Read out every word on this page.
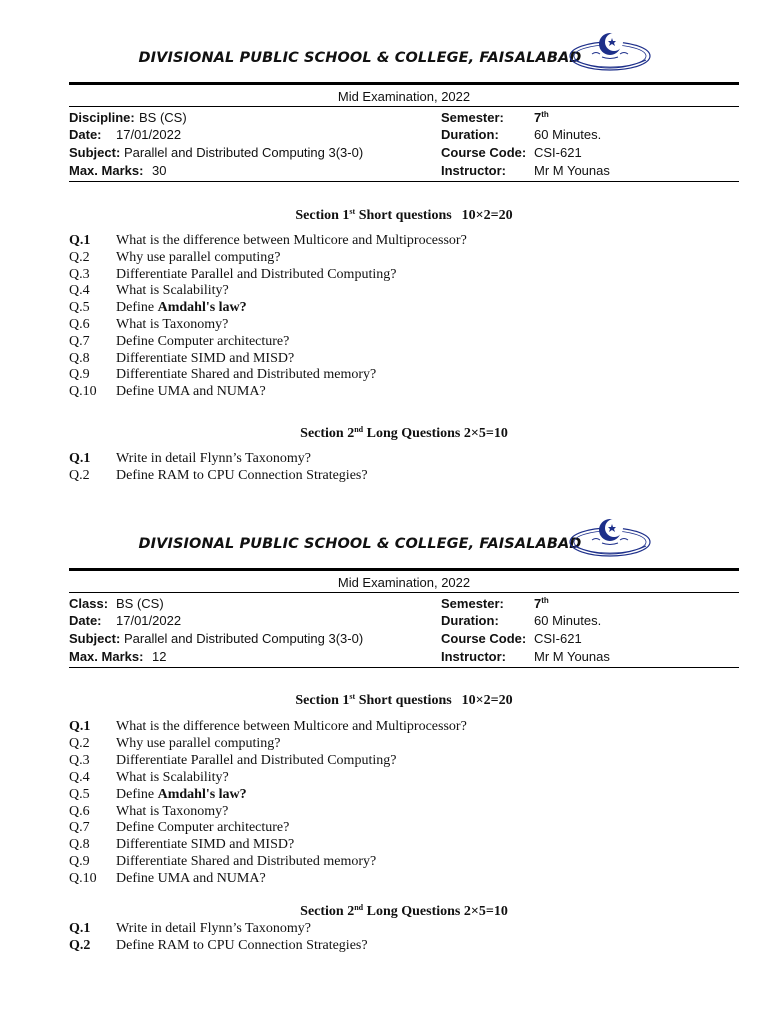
DIVISIONAL PUBLIC SCHOOL & COLLEGE, FAISALABAD
Mid Examination, 2022
Discipline: BS (CS)	Semester: 7th
Date: 17/01/2022	Duration:	60 Minutes.
Subject: Parallel and Distributed Computing 3(3-0)	Course Code: CSI-621
Max. Marks: 30	Instructor: Mr M Younas
Section 1st Short questions 10×2=20
Q.1 What is the difference between Multicore and Multiprocessor?
Q.2 Why use parallel computing?
Q.3 Differentiate Parallel and Distributed Computing?
Q.4 What is Scalability?
Q.5 Define Amdahl's law?
Q.6 What is Taxonomy?
Q.7 Define Computer architecture?
Q.8 Differentiate SIMD and MISD?
Q.9 Differentiate Shared and Distributed memory?
Q.10 Define UMA and NUMA?
Section 2nd Long Questions 2×5=10
Q.1 Write in detail Flynn’s Taxonomy?
Q.2 Define RAM to CPU Connection Strategies?
DIVISIONAL PUBLIC SCHOOL & COLLEGE, FAISALABAD
Mid Examination, 2022
Class: BS (CS)	Semester: 7th
Date: 17/01/2022	Duration:	60 Minutes.
Subject: Parallel and Distributed Computing 3(3-0)	Course Code: CSI-621
Max. Marks: 12	Instructor: Mr M Younas
Section 1st Short questions 10×2=20
Q.1 What is the difference between Multicore and Multiprocessor?
Q.2 Why use parallel computing?
Q.3 Differentiate Parallel and Distributed Computing?
Q.4 What is Scalability?
Q.5 Define Amdahl's law?
Q.6 What is Taxonomy?
Q.7 Define Computer architecture?
Q.8 Differentiate SIMD and MISD?
Q.9 Differentiate Shared and Distributed memory?
Q.10 Define UMA and NUMA?
Section 2nd Long Questions 2×5=10
Q.1 Write in detail Flynn’s Taxonomy?
Q.2 Define RAM to CPU Connection Strategies?
